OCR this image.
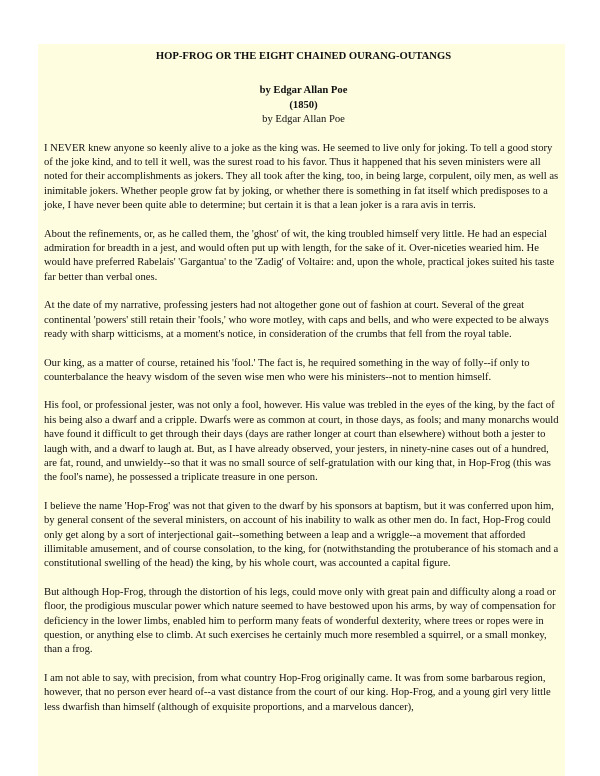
HOP-FROG OR THE EIGHT CHAINED OURANG-OUTANGS
by Edgar Allan Poe
(1850)
by Edgar Allan Poe

I NEVER knew anyone so keenly alive to a joke as the king was. He seemed to live only for joking. To tell a good story of the joke kind, and to tell it well, was the surest road to his favor. Thus it happened that his seven ministers were all noted for their accomplishments as jokers. They all took after the king, too, in being large, corpulent, oily men, as well as inimitable jokers. Whether people grow fat by joking, or whether there is something in fat itself which predisposes to a joke, I have never been quite able to determine; but certain it is that a lean joker is a rara avis in terris.

About the refinements, or, as he called them, the 'ghost' of wit, the king troubled himself very little. He had an especial admiration for breadth in a jest, and would often put up with length, for the sake of it. Over-niceties wearied him. He would have preferred Rabelais' 'Gargantua' to the 'Zadig' of Voltaire: and, upon the whole, practical jokes suited his taste far better than verbal ones.

At the date of my narrative, professing jesters had not altogether gone out of fashion at court. Several of the great continental 'powers' still retain their 'fools,' who wore motley, with caps and bells, and who were expected to be always ready with sharp witticisms, at a moment's notice, in consideration of the crumbs that fell from the royal table.

Our king, as a matter of course, retained his 'fool.' The fact is, he required something in the way of folly--if only to counterbalance the heavy wisdom of the seven wise men who were his ministers--not to mention himself.

His fool, or professional jester, was not only a fool, however. His value was trebled in the eyes of the king, by the fact of his being also a dwarf and a cripple. Dwarfs were as common at court, in those days, as fools; and many monarchs would have found it difficult to get through their days (days are rather longer at court than elsewhere) without both a jester to laugh with, and a dwarf to laugh at. But, as I have already observed, your jesters, in ninety-nine cases out of a hundred, are fat, round, and unwieldy--so that it was no small source of self-gratulation with our king that, in Hop-Frog (this was the fool's name), he possessed a triplicate treasure in one person.

I believe the name 'Hop-Frog' was not that given to the dwarf by his sponsors at baptism, but it was conferred upon him, by general consent of the several ministers, on account of his inability to walk as other men do. In fact, Hop-Frog could only get along by a sort of interjectional gait--something between a leap and a wriggle--a movement that afforded illimitable amusement, and of course consolation, to the king, for (notwithstanding the protuberance of his stomach and a constitutional swelling of the head) the king, by his whole court, was accounted a capital figure.

But although Hop-Frog, through the distortion of his legs, could move only with great pain and difficulty along a road or floor, the prodigious muscular power which nature seemed to have bestowed upon his arms, by way of compensation for deficiency in the lower limbs, enabled him to perform many feats of wonderful dexterity, where trees or ropes were in question, or anything else to climb. At such exercises he certainly much more resembled a squirrel, or a small monkey, than a frog.

I am not able to say, with precision, from what country Hop-Frog originally came. It was from some barbarous region, however, that no person ever heard of--a vast distance from the court of our king. Hop-Frog, and a young girl very little less dwarfish than himself (although of exquisite proportions, and a marvelous dancer),
